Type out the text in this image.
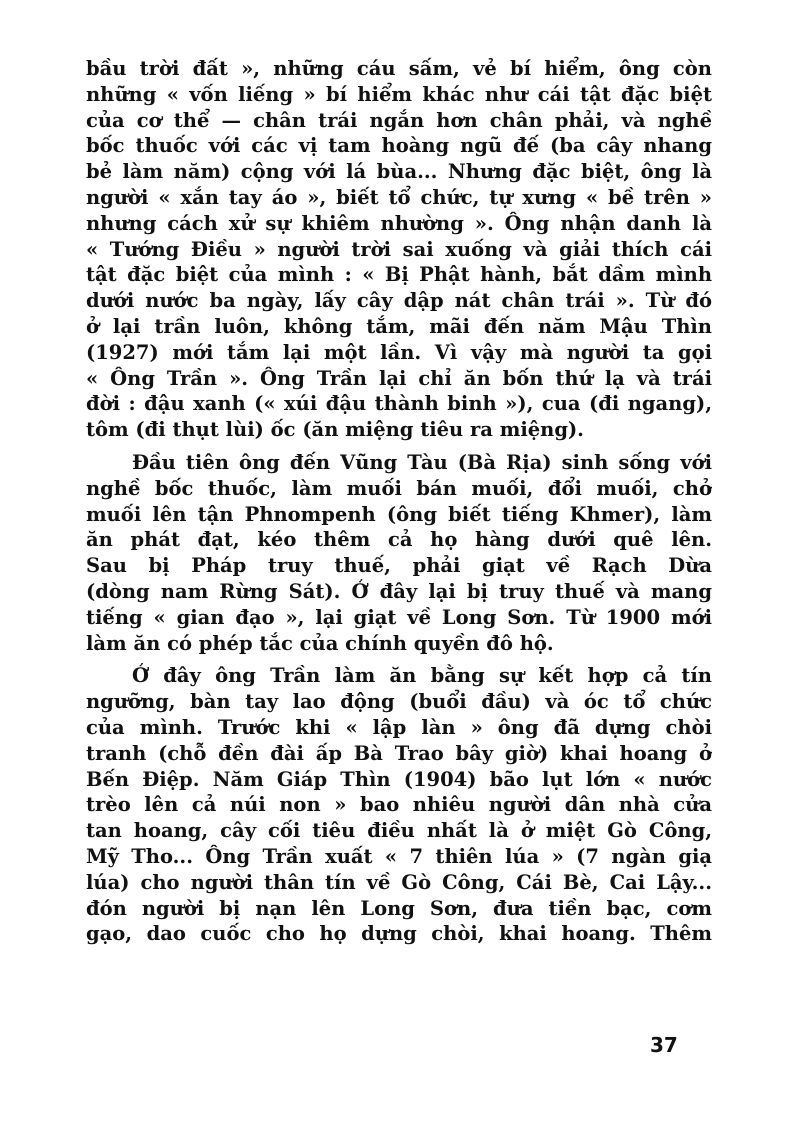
bầu trời đất », những cáu sấm, vẻ bí hiểm, ông còn
những « vốn liếng » bí hiểm khác như cái tật đặc biệt
của cơ thể — chân trái ngắn hơn chân phải, và nghề
bốc thuốc với các vị tam hoàng ngũ đế (ba cây nhang
bẻ làm năm) cộng với lá bùa... Nhưng đặc biệt, ông là
người « xắn tay áo », biết tổ chức, tự xưng « bề trên »
nhưng cách xử sự khiêm nhường ». Ông nhận danh là
« Tướng Điều » người trời sai xuống và giải thích cái
tật đặc biệt của mình : « Bị Phật hành, bắt dầm mình
dưới nước ba ngày, lấy cây dập nát chân trái ». Từ đó
ở lại trần luôn, không tắm, mãi đến năm Mậu Thìn
(1927) mới tắm lại một lần. Vì vậy mà người ta gọi
« Ông Trần ». Ông Trần lại chỉ ăn bốn thứ lạ và trái
đời : đậu xanh (« xúi đậu thành binh »), cua (đi ngang),
tôm (đi thụt lùi) ốc (ăn miệng tiêu ra miệng).
Đầu tiên ông đến Vũng Tàu (Bà Rịa) sinh sống với
nghề bốc thuốc, làm muối bán muối, đổi muối, chở
muối lên tận Phnompenh (ông biết tiếng Khmer), làm
ăn phát đạt, kéo thêm cả họ hàng dưới quê lên.
Sau bị Pháp truy thuế, phải giạt về Rạch Dừa
(dòng nam Rừng Sát). Ở đây lại bị truy thuế và mang
tiếng « gian đạo », lại giạt về Long Sơn. Từ 1900 mới
làm ăn có phép tắc của chính quyền đô hộ.
Ở đây ông Trần làm ăn bằng sự kết hợp cả tín
ngưỡng, bàn tay lao động (buổi đầu) và óc tổ chức
của mình. Trước khi « lập làn » ông đã dựng chòi
tranh (chỗ đền đài ấp Bà Trao bây giờ) khai hoang ở
Bến Điệp. Năm Giáp Thìn (1904) bão lụt lớn « nước
trèo lên cả núi non » bao nhiêu người dân nhà cửa
tan hoang, cây cối tiêu điều nhất là ở miệt Gò Công,
Mỹ Tho... Ông Trần xuất « 7 thiên lúa » (7 ngàn giạ
lúa) cho người thân tín về Gò Công, Cái Bè, Cai Lậy...
đón người bị nạn lên Long Sơn, đưa tiền bạc, cơm
gạo, dao cuốc cho họ dựng chòi, khai hoang. Thêm
37
